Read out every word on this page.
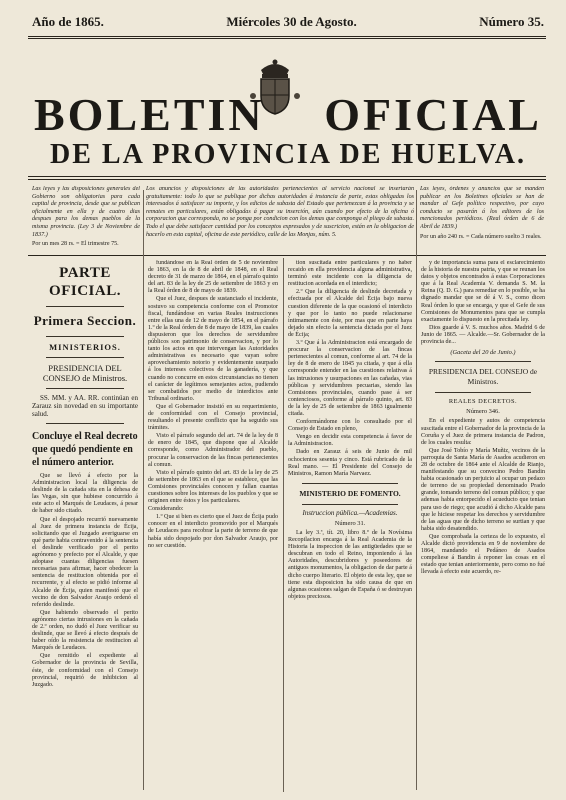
Año de 1865.	Miércoles 30 de Agosto.	Número 35.
BOLETIN OFICIAL
DE LA PROVINCIA DE HUELVA.

Las leyes y las disposiciones generales del Gobierno son obligatorias para cada capital de provincia, desde que se publican oficialmente en ella y de cuatro dias despues para los demas pueblos de la misma provincia. (Ley 3 de Noviembre de 1837.)

Por un mes 28 rs. = El trimestre 75.

Los anuncios y disposiciones de las autoridades pertenecientes al servicio nacional se insertarán gratuitamente: todo lo que se publique por dichas autoridades á instancia de parte, estas obligadas los interesados á satisfacer su importe, y los edictos de subasta del Estado que pertenezcan á la provincia y se remates en particulares, están obligadas á pagar su inserción, aún cuando por efecto de la oficina ó corporacion que corresponda, no se ponga por condicion con los demas que componga el pliego de subasta. Todo el que debe satisfacer cantidad por los conceptos expresados y de suscricion, están en la obligacion de hacerlo en esta capital, oficina de este periódico, calle de las Monjas, núm. 5.

Las leyes, órdenes y anuncios que se manden publicar en los Boletines oficiales se han de mandar al Gefe político respectivo, por cuyo conducto se pasarán á los editores de los mencionados periódicos. (Real órden de 6 de Abril de 1839.)

Por un año 240 rs. = Cada número suelto 3 reales.

PARTE OFICIAL.
Primera Seccion.
MINISTERIOS.
PRESIDENCIA DEL CONSEJO de Ministros.

SS. MM. y AA. RR. continúan en Zarauz sin novedad en su importante salud.

Concluye el Real decreto que quedó pendiente en el número anterior.

Que se llevó á efecto por la Administracion local la diligencia de deslinde de la cañada sita en la dehesa de las Vegas, sin que hubiese concurrido á este acto el Marqués de Leudaces, á pesar de haber sido citado.

Que el despojado recurrió nuevamente al Juez de primera instancia de Écija, solicitando que el Juzgado averiguarse en qué parte habia contravenido á la sentencia el deslinde verificado por el perito agrónomo y prefecto por el Alcalde, y que adoptase cuantas diligencias fuesen necesarias para afirmar, hacer obedecer la sentencia de restitucion obtenida por el recurrente, y al efecto se pidió informe al Alcalde de Écija, quien manifestó que el vecino de don Salvador Araujo ordenó el referido deslinde.

Que habiendo observado el perito agrónomo ciertas intrusiones en la cañada de 2.º orden, no dudó el Juez verificar su deslinde, que se llevó á efecto después de haber oído la resistencia de restitucion al Marqués de Leudaces.

Que remitido el expediente al Gobernador de la provincia de Sevilla, éste, de conformidad con el Consejo provincial, requirió de inhibicion al Juzgado.

fundándose en la Real órden de 5 de noviembre de 1863, en la de 8 de abril de 1848, en el Real decreto de 31 de marzo de 1864, en el párrafo quinto del art. 83 de la ley de 25 de setiembre de 1863 y en la Real órden de 8 de mayo de 1839.

Que el Juez, despues de sustanciado el incidente, sostuvo su competencia conforme con el Promotor fiscal, fundándose en varias Reales instrucciones entre ellas una de 12 de mayo de 1854, en el párrafo 1.º de la Real órden de 8 de mayo de 1839, las cuales dispusieron que los derechos de servidumbre públicos son patrimonio de conservacion, y por lo tanto los actos en que intervengan las Autoridades administrativas es necesario que vayan sobre aprovechamiento notorio y evidentemente usurpado á los intereses colectivos de la ganadería, y que cuando no concurre en estos circunstancias no tienen el carácter de legítimos semejantes actos, pudiendo ser combatidos por medio de interdictos ante Tribunal ordinario.

Que el Gobernador insistió en su requerimiento, de conformidad con el Consejo provincial, resultando el presente conflicto que ha seguido sus trámites.

Visto el párrafo segundo del art. 74 de la ley de 8 de enero de 1845, que dispone que al Alcalde corresponde, como Administrador del pueblo, procurar la conservacion de las fincas pertenecientes al comun.

Visto el párrafo quinto del art. 83 de la ley de 25 de setiembre de 1863 en el que se establece, que las Comisiones provinciales conocen y fallan cuantas cuestiones sobre los intereses de los pueblos y que se originen entre éstos y los particulares.

Considerando:

1.º Que si bien es cierto que el Juez de Écija pudo conocer en el interdicto promovido por el Marqués de Leudaces para recobrar la parte de terreno de que había sido despojado por don Salvador Araujo, por no ser cuestión.

tion suscitada entre particulares y no haber recaido en ella providencia alguna administrativa, terminó este incidente con la diligencia de restitucion acordada en el interdicto;

2.º Que la diligencia de deslinde decretada y efectuada por el Alcalde del Écija bajo nueva cuestion diferente de la que ocasionó el interdicto y que por lo tanto no puede relacionarse íntimamente con éste, por mas que en parte haya dejado sin efecto la sentencia dictada por el Juez de Écija;

3.º Que á la Administracion está encargado de procurar la conservacion de las fincas pertenecientes al comun, conforme al art. 74 de la ley de 8 de enero de 1845 ya citada, y que á ella corresponde entender en las cuestiones relativas á las intrusiones y usurpaciones en las cañadas, vias públicas y servidumbres pecuarias, siendo las Comisiones provinciales, cuando pase á ser contenciosos, conforme al párrafo quinto, art. 83 de la ley de 25 de setiembre de 1863 igualmente citada.

Conformándome con lo consultado por el Consejo de Estado en pleno,

Vengo en decidir esta competencia á favor de la Administracion.

Dado en Zarauz á seis de Junio de mil ochocientos sesenta y cinco. Está rubricado de la Real mano. — El Presidente del Consejo de Ministros, Ramon María Narvaez.

MINISTERIO DE FOMENTO.
Instruccion pública.—Academias.
Número 31.

La ley 3.ª, tít. 20, libro 8.º de la Novísima Recopilacion encarga á la Real Academia de la Historia la inspeccion de las antigüedades que se descubran en todo el Reino, imponiendo á las Autoridades, descubridores y poseedores de antiguos monumentos, la obligacion de dar parte á dicho cuerpo literario. El objeto de esta ley, que se tiene esta disposicion ha sido causa de que en algunas ocasiones salgan de España ó se destruyan objetos preciosos.

y de importancia suma para el esclarecimiento de la historia de nuestra patria, y que se reunan los datos y objetos encontrados á estas Corporaciones que á la Real Academia V. demanda S. M. la Reina (Q. D. G.) para remediar en lo posible, se ha dignado mandar que se dé á V. S., como dicen Real órden lo que se encarga, y que el Gefe de sus Comisiones de Monumentos para que se cumpla exactamente lo dispuesto en la precitada ley.

Dios guarde á V. S. muchos años. Madrid 6 de Junio de 1865. — Alcalde.—Sr. Gobernador de la provincia de...

(Gaceta del 20 de Junio.)
PRESIDENCIA DEL CONSEJO de Ministros.
REALES DECRETOS.
Número 346.

En el expediente y autos de competencia suscitada entre el Gobernador de la provincia de la Coruña y el Juez de primera instancia de Padron, de los cuales resulta:

Que José Tobío y María Muñiz, vecinos de la parroquia de Santa María de Asados acudieron en 28 de octubre de 1864 ante el Alcalde de Rianjo, manifestando que su convecino Pedro Bandin habia ocasionado un perjuicio al ocupar un pedazo de terreno de su propiedad denominado Prado grande, tomando terreno del comun público; y que ademas habia entorpecido el acueducto que tenian para uso de riego; que acudió á dicho Alcalde para que le hiciese respetar los derechos y servidumbre de las aguas que de dicho terreno se surtian y que habia sido desatendido.

Que comprobada la certeza de lo expuesto, el Alcalde dictó providencia en 9 de noviembre de 1864, mandando el Pedáneo de Asados compeliese á Bandin á reponer las cosas en el estado que tenian anteriormente, pero como no fué llevada á efecto este acuerdo, re-
